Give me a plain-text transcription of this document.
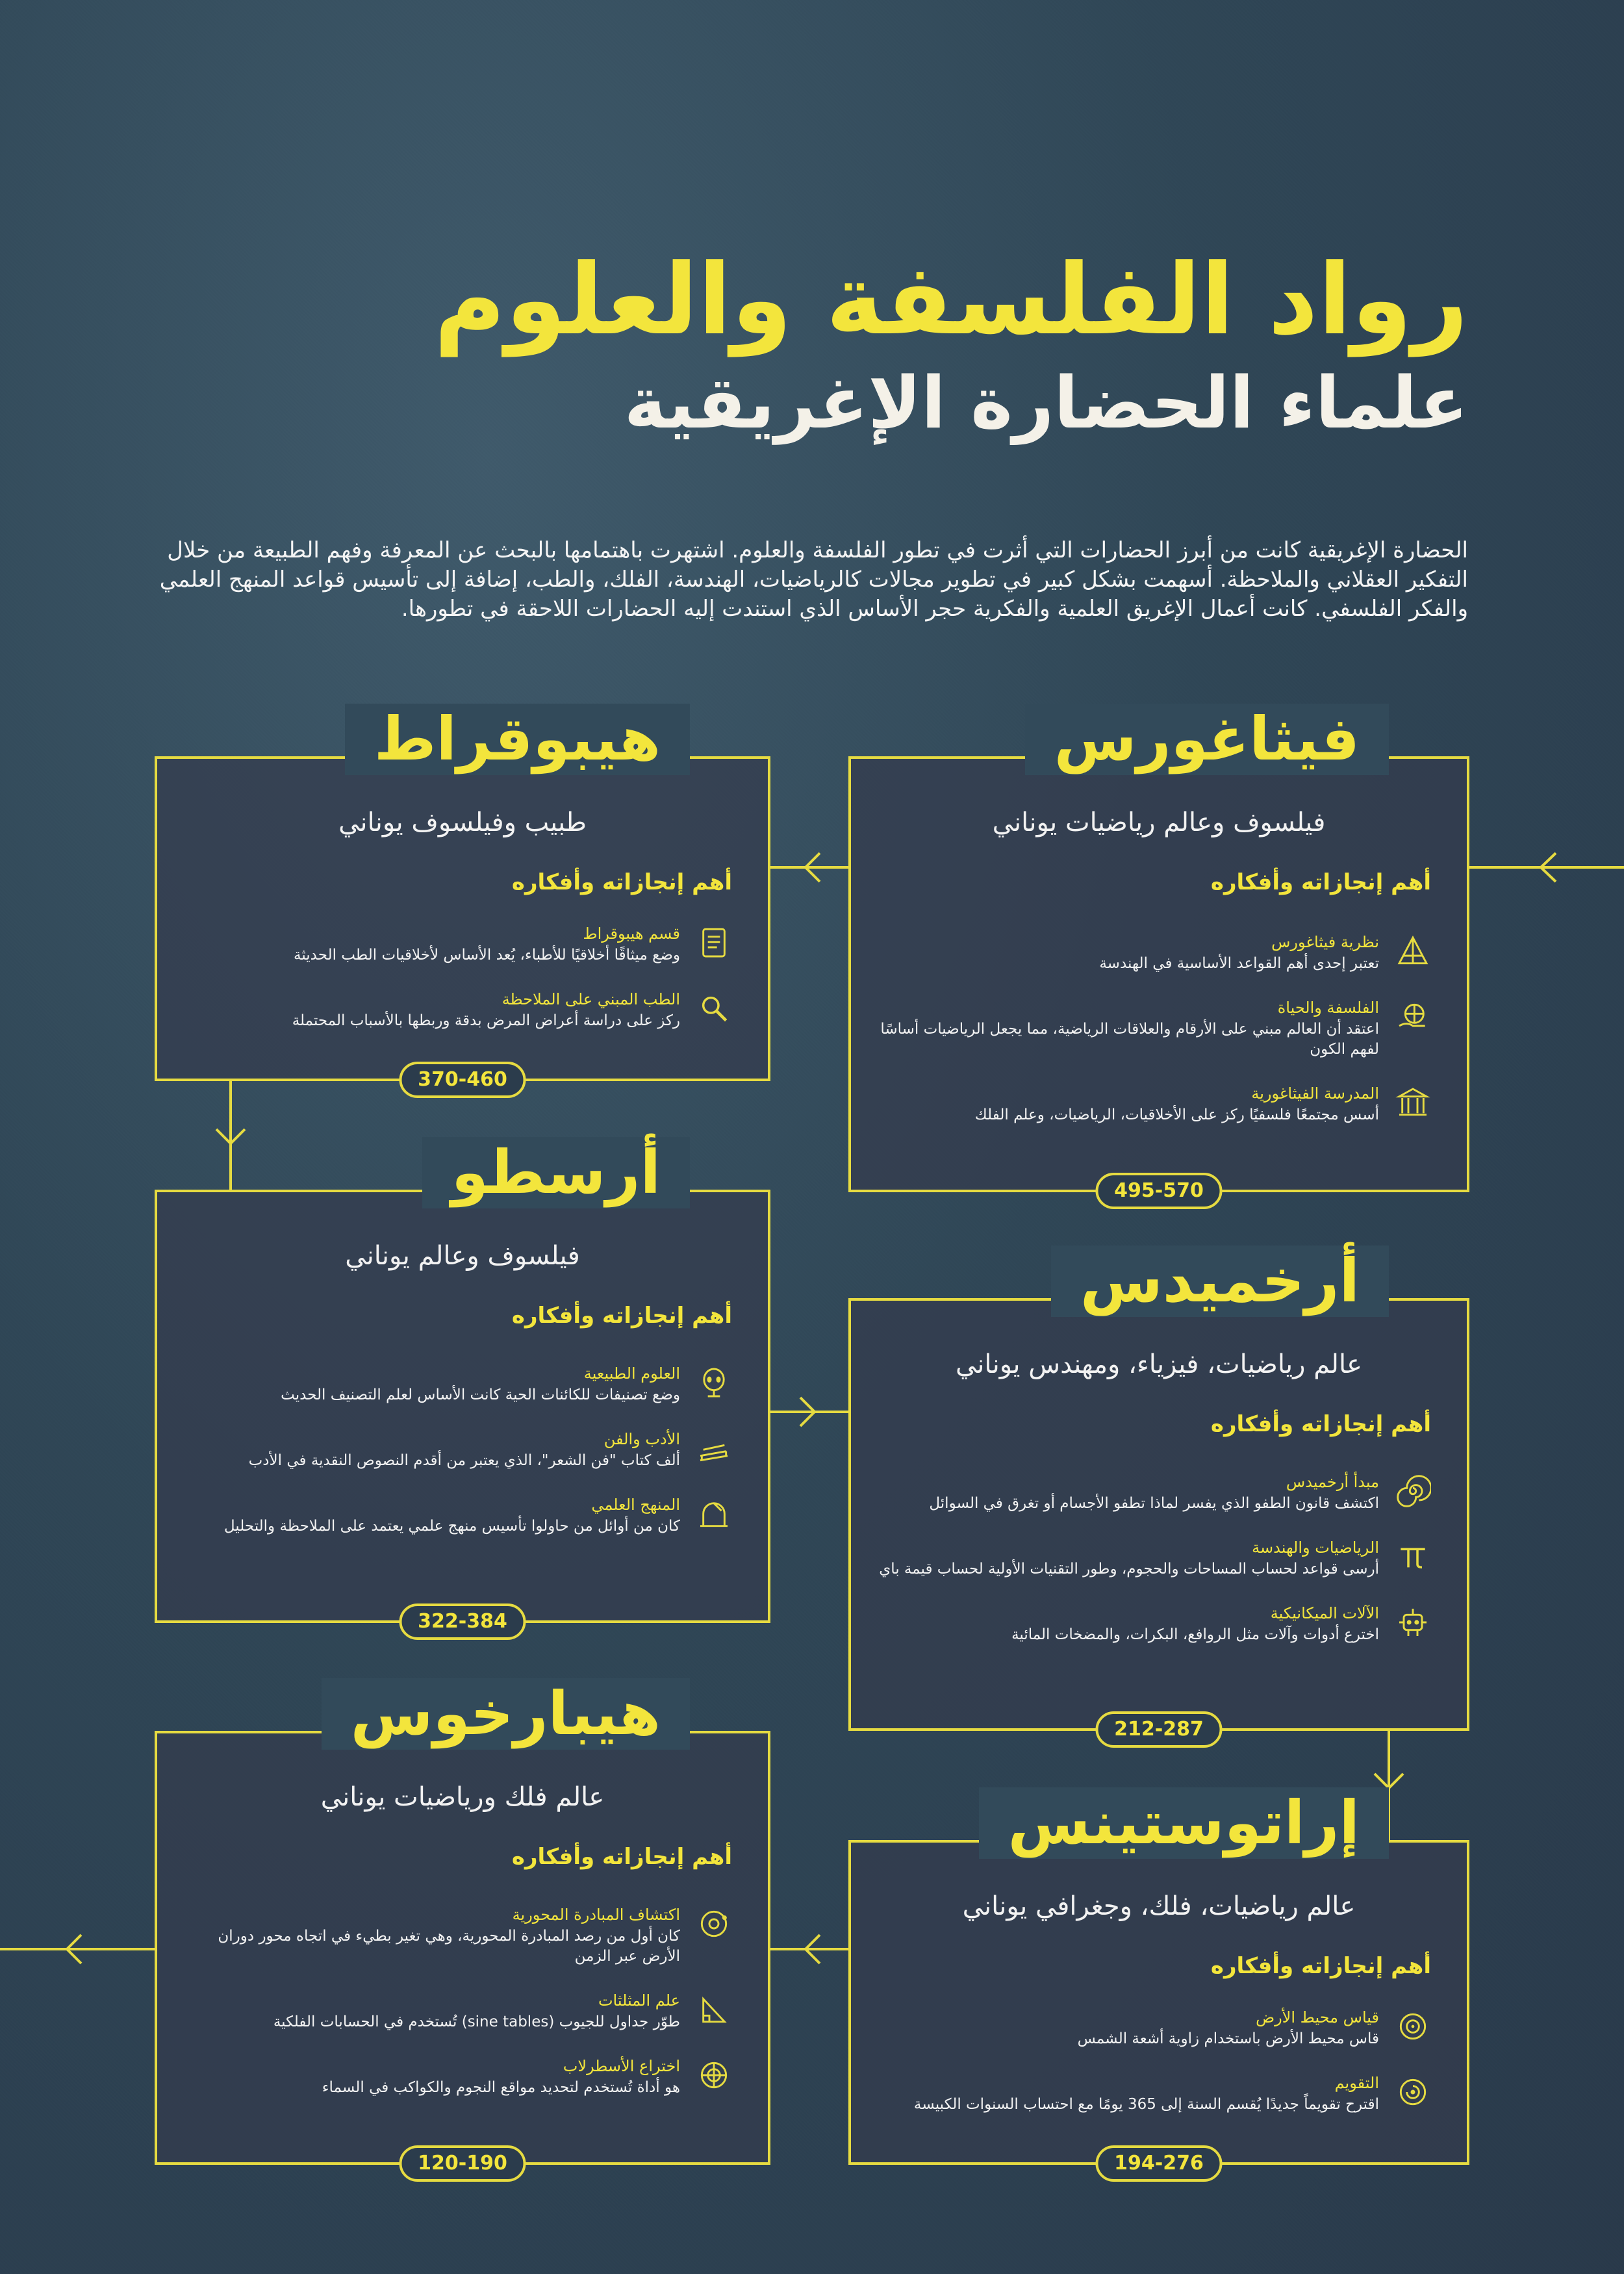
رواد الفلسفة والعلوم
علماء الحضارة الإغريقية
الحضارة الإغريقية كانت من أبرز الحضارات التي أثرت في تطور الفلسفة والعلوم. اشتهرت باهتمامها بالبحث عن المعرفة وفهم الطبيعة من خلال التفكير العقلاني والملاحظة. أسهمت بشكل كبير في تطوير مجالات كالرياضيات، الهندسة، الفلك، والطب، إضافة إلى تأسيس قواعد المنهج العلمي والفكر الفلسفي. كانت أعمال الإغريق العلمية والفكرية حجر الأساس الذي استندت إليه الحضارات اللاحقة في تطورها.
فيثاغورس
فيلسوف وعالم رياضيات يوناني
أهم إنجازاته وأفكاره
نظرية فيثاغورس
تعتبر إحدى أهم القواعد الأساسية في الهندسة
الفلسفة والحياة
اعتقد أن العالم مبني على الأرقام والعلاقات الرياضية، مما يجعل الرياضيات أساسًا لفهم الكون
المدرسة الفيثاغورية
أسس مجتمعًا فلسفيًا ركز على الأخلاقيات، الرياضيات، وعلم الفلك
495-570
هيبوقراط
طبيب وفيلسوف يوناني
أهم إنجازاته وأفكاره
قسم هيبوقراط
وضع ميثاقًا أخلاقيًا للأطباء، يُعد الأساس لأخلاقيات الطب الحديثة
الطب المبني على الملاحظة
ركز على دراسة أعراض المرض بدقة وربطها بالأسباب المحتملة
370-460
أرسطو
فيلسوف وعالم يوناني
أهم إنجازاته وأفكاره
العلوم الطبيعية
وضع تصنيفات للكائنات الحية كانت الأساس لعلم التصنيف الحديث
الأدب والفن
ألف كتاب "فن الشعر"، الذي يعتبر من أقدم النصوص النقدية في الأدب
المنهج العلمي
كان من أوائل من حاولوا تأسيس منهج علمي يعتمد على الملاحظة والتحليل
322-384
أرخميدس
عالم رياضيات، فيزياء، ومهندس يوناني
أهم إنجازاته وأفكاره
مبدأ أرخميدس
اكتشف قانون الطفو الذي يفسر لماذا تطفو الأجسام أو تغرق في السوائل
الرياضيات والهندسة
أرسى قواعد لحساب المساحات والحجوم، وطور التقنيات الأولية لحساب قيمة باي
الآلات الميكانيكية
اخترع أدوات وآلات مثل الروافع، البكرات، والمضخات المائية
212-287
هيبارخوس
عالم فلك ورياضيات يوناني
أهم إنجازاته وأفكاره
اكتشاف المبادرة المحورية
كان أول من رصد المبادرة المحورية، وهي تغير بطيء في اتجاه محور دوران الأرض عبر الزمن
علم المثلثات
طوّر جداول للجيوب (sine tables) تُستخدم في الحسابات الفلكية
اختراع الأسطرلاب
هو أداة تُستخدم لتحديد مواقع النجوم والكواكب في السماء
120-190
إراتوستينس
عالم رياضيات، فلك، وجغرافي يوناني
أهم إنجازاته وأفكاره
قياس محيط الأرض
قاس محيط الأرض باستخدام زاوية أشعة الشمس
التقويم
اقترح تقويماً جديدًا يُقسم السنة إلى 365 يومًا مع احتساب السنوات الكبيسة
194-276
